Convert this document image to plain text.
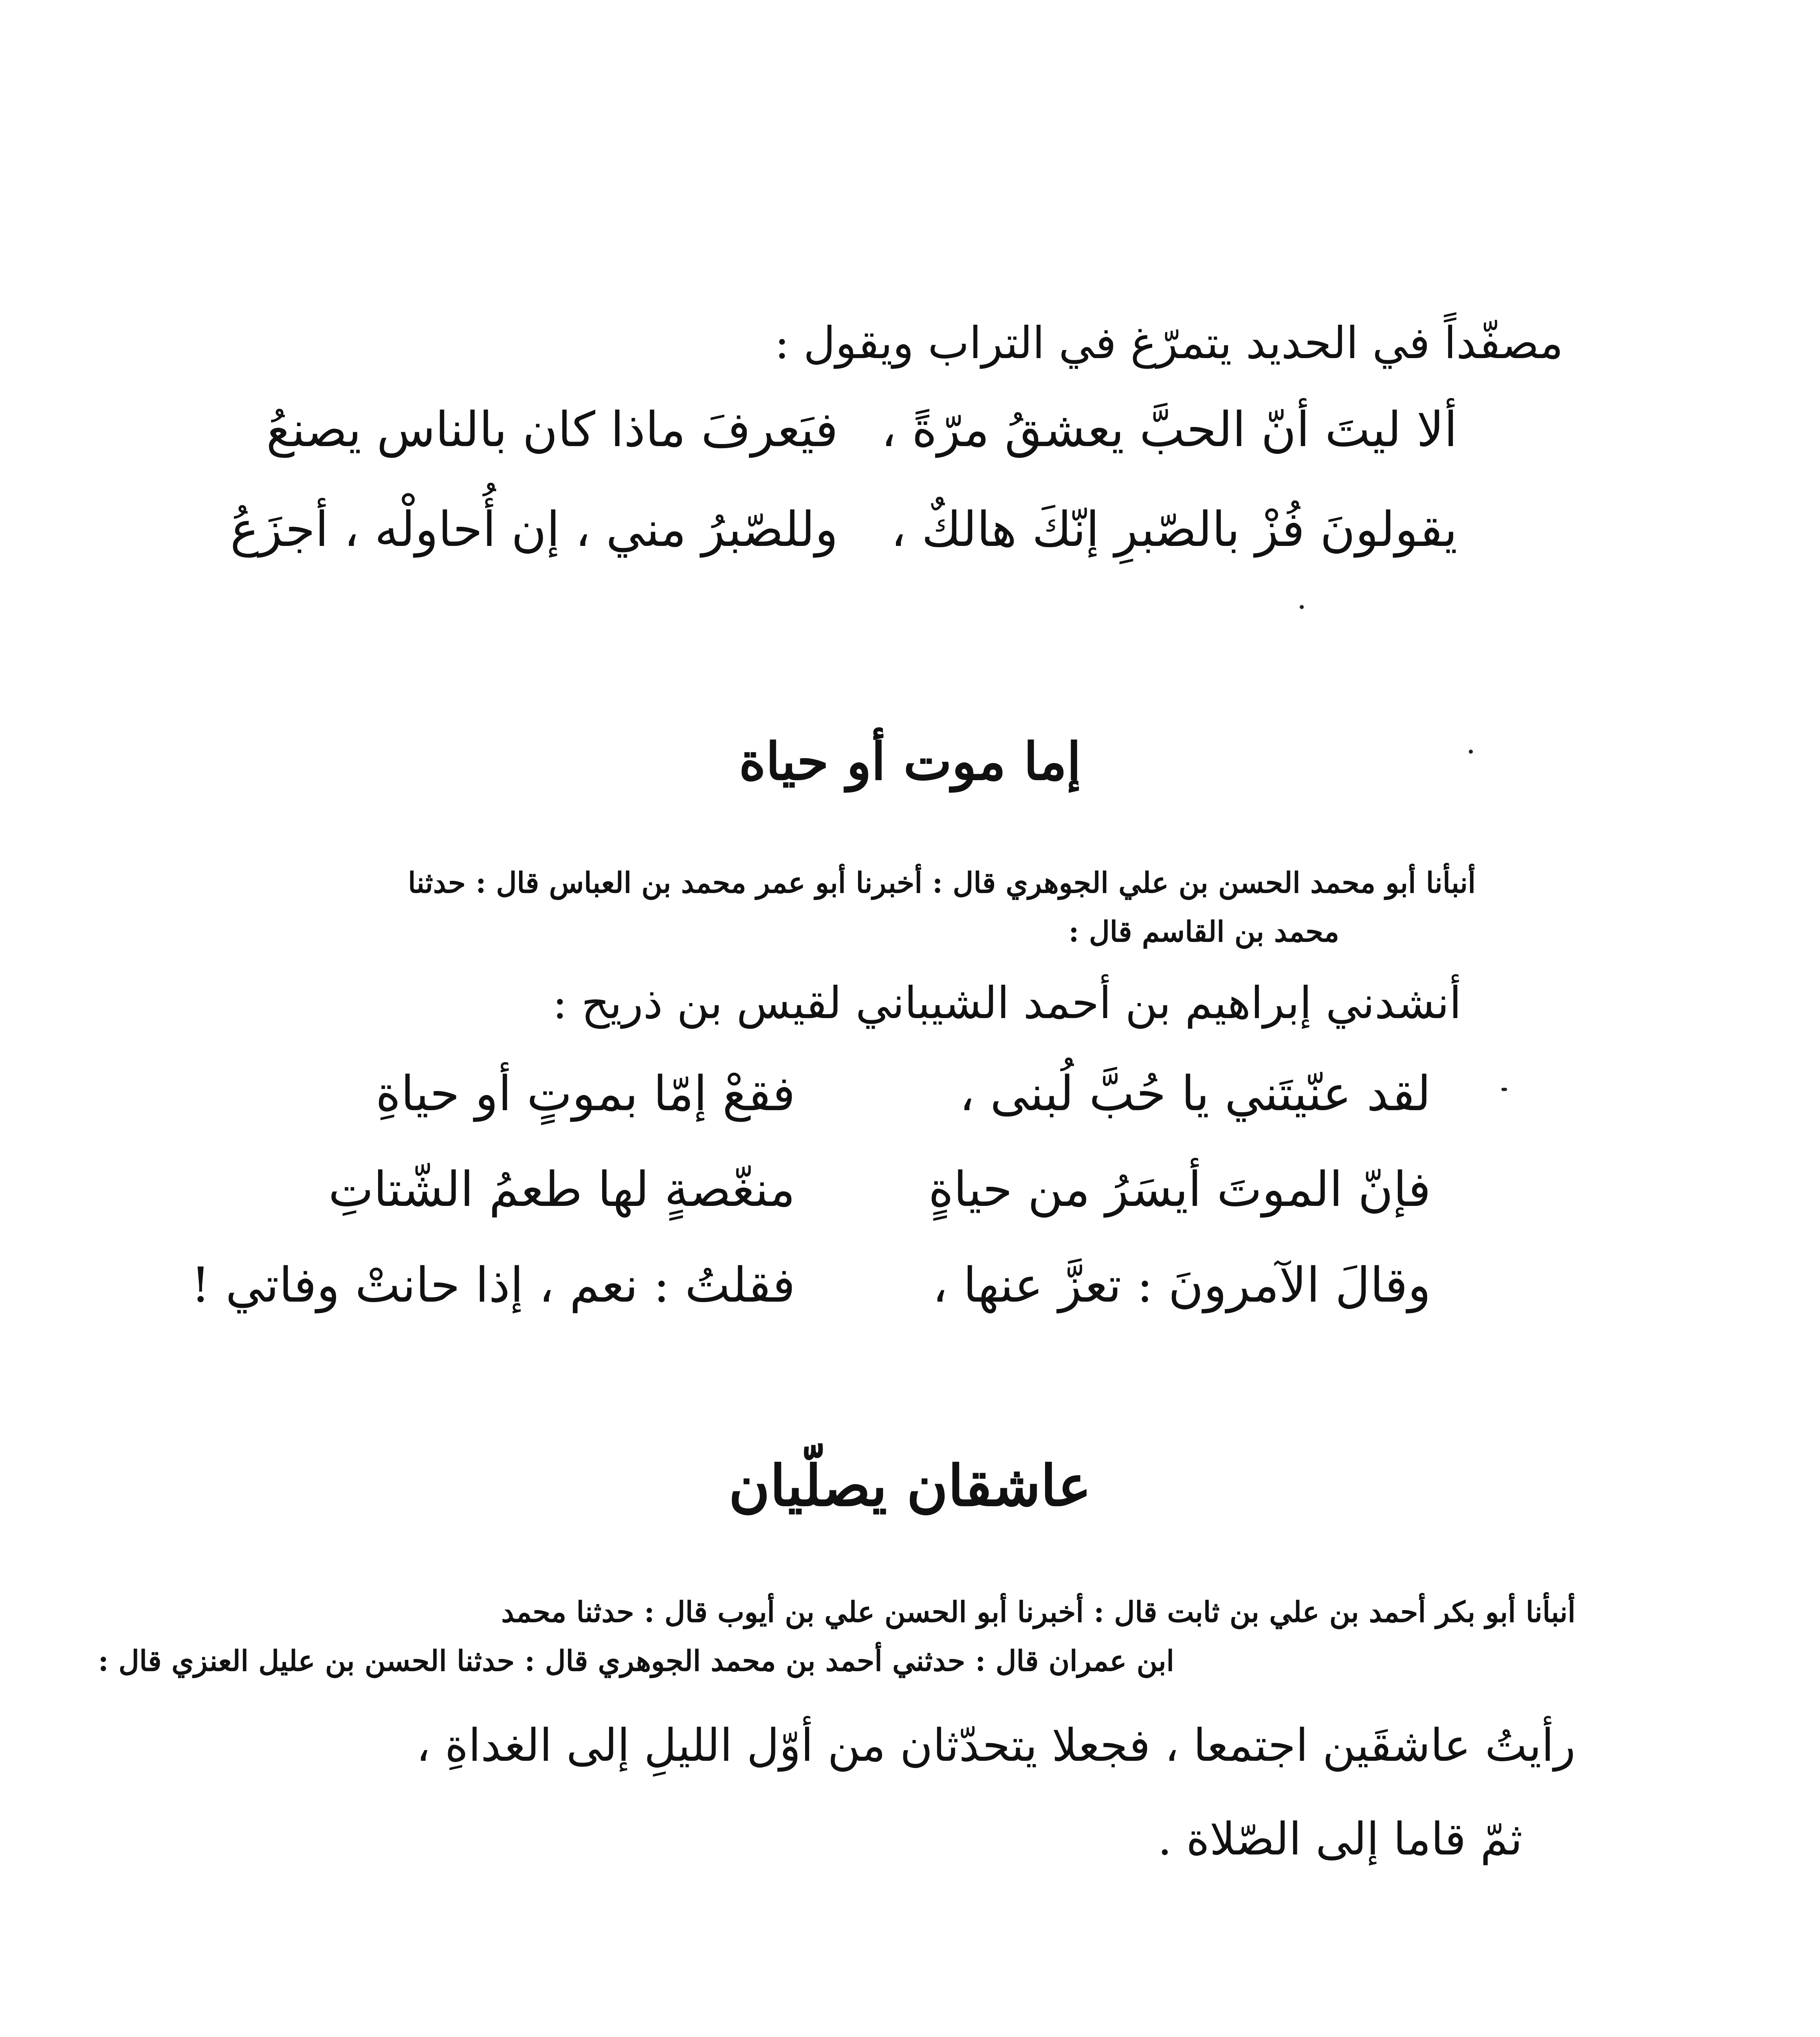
مصفّداً في الحديد يتمرّغ في التراب ويقول :
ألا ليتَ أنّ الحبَّ يعشقُ مرّةً ،
فيَعرفَ ماذا كان بالناس يصنعُ
يقولونَ فُزْ بالصّبرِ إنّكَ هالكٌ ،
وللصّبرُ مني ، إن أُحاولْه ، أجزَعُ
إما موت أو حياة
أنبأنا أبو محمد الحسن بن علي الجوهري قال : أخبرنا أبو عمر محمد بن العباس قال : حدثنا
محمد بن القاسم قال :
أنشدني إبراهيم بن أحمد الشيباني لقيس بن ذريح :
لقد عنّيتَني يا حُبَّ لُبنى ،
فقعْ إمّا بموتٍ أو حياةِ
فإنّ الموتَ أيسَرُ من حياةٍ
منغّصةٍ لها طعمُ الشّتاتِ
وقالَ الآمرونَ : تعزَّ عنها ،
فقلتُ : نعم ، إذا حانتْ وفاتي !
عاشقان يصلّيان
أنبأنا أبو بكر أحمد بن علي بن ثابت قال : أخبرنا أبو الحسن علي بن أيوب قال : حدثنا محمد
ابن عمران قال : حدثني أحمد بن محمد الجوهري قال : حدثنا الحسن بن عليل العنزي قال :
رأيتُ عاشقَين اجتمعا ، فجعلا يتحدّثان من أوّل الليلِ إلى الغداةِ ،
ثمّ قاما إلى الصّلاة .
